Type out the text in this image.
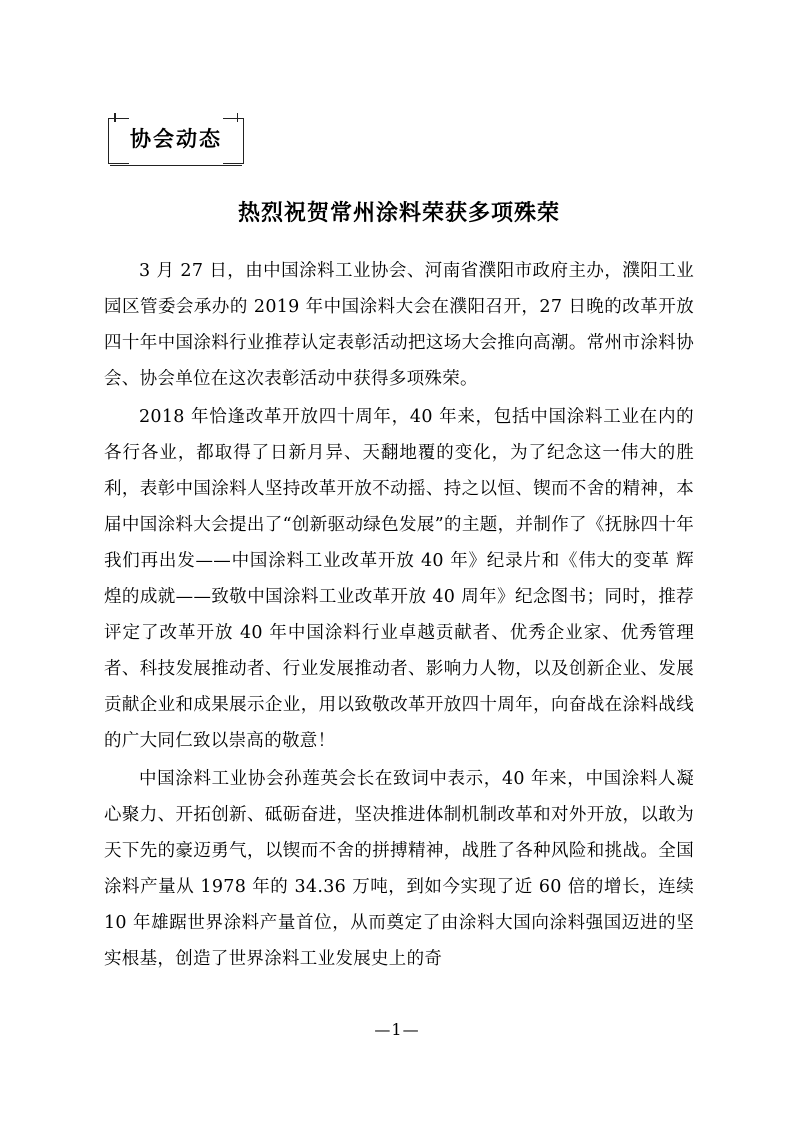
协会动态
热烈祝贺常州涂料荣获多项殊荣

3 月 27 日，由中国涂料工业协会、河南省濮阳市政府主办，濮阳工业园区管委会承办的 2019 年中国涂料大会在濮阳召开，27 日晚的改革开放四十年中国涂料行业推荐认定表彰活动把这场大会推向高潮。常州市涂料协会、协会单位在这次表彰活动中获得多项殊荣。

2018 年恰逢改革开放四十周年，40 年来，包括中国涂料工业在内的各行各业，都取得了日新月异、天翻地覆的变化，为了纪念这一伟大的胜利，表彰中国涂料人坚持改革开放不动摇、持之以恒、锲而不舍的精神，本届中国涂料大会提出了“创新驱动绿色发展”的主题，并制作了《抚脉四十年 我们再出发——中国涂料工业改革开放 40 年》纪录片和《伟大的变革 辉煌的成就——致敬中国涂料工业改革开放 40 周年》纪念图书；同时，推荐评定了改革开放 40 年中国涂料行业卓越贡献者、优秀企业家、优秀管理者、科技发展推动者、行业发展推动者、影响力人物，以及创新企业、发展贡献企业和成果展示企业，用以致敬改革开放四十周年，向奋战在涂料战线的广大同仁致以崇高的敬意！

中国涂料工业协会孙莲英会长在致词中表示，40 年来，中国涂料人凝心聚力、开拓创新、砥砺奋进，坚决推进体制机制改革和对外开放，以敢为天下先的豪迈勇气，以锲而不舍的拼搏精神，战胜了各种风险和挑战。全国涂料产量从 1978 年的 34.36 万吨，到如今实现了近 60 倍的增长，连续 10 年雄踞世界涂料产量首位，从而奠定了由涂料大国向涂料强国迈进的坚实根基，创造了世界涂料工业发展史上的奇

—1—
